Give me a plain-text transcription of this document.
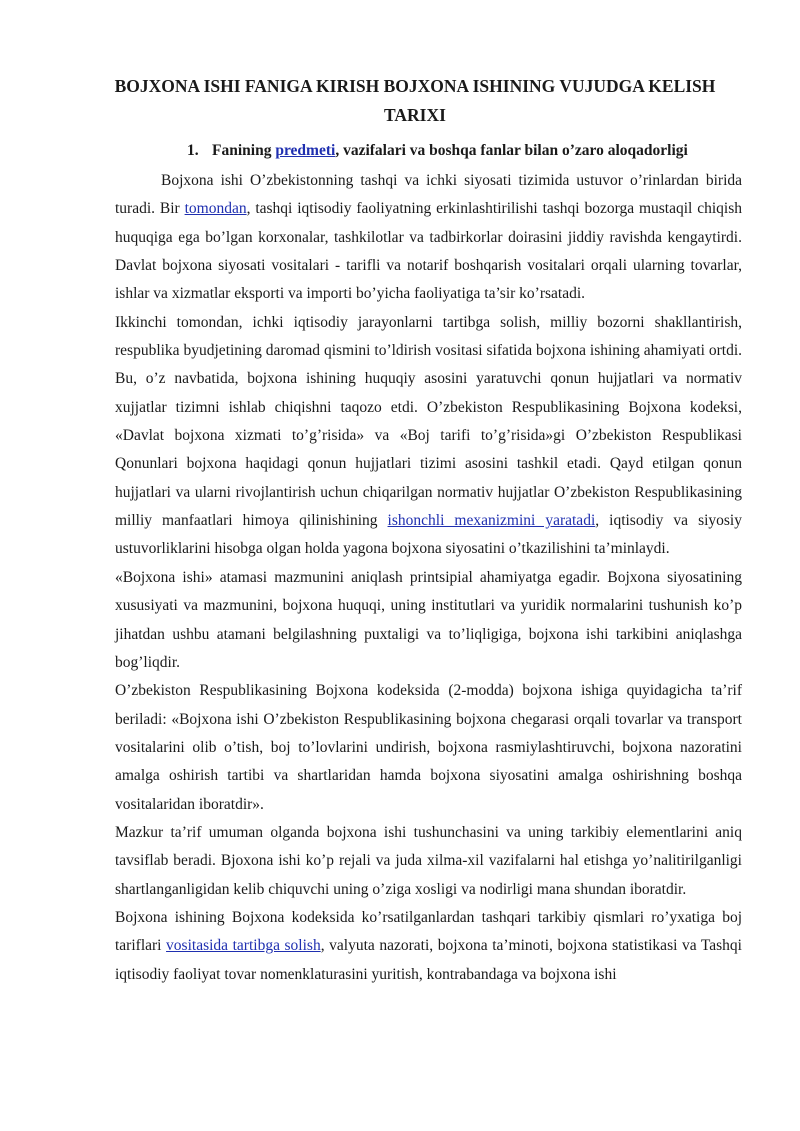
BOJXONA ISHI FANIGA KIRISH BOJXONA ISHINING VUJUDGA KELISH TARIXI
1. Fanining predmeti, vazifalari va boshqa fanlar bilan o’zaro aloqadorligi

Bojxona ishi O’zbekistonning tashqi va ichki siyosati tizimida ustuvor o’rinlardan birida turadi. Bir tomondan, tashqi iqtisodiy faoliyatning erkinlashtirilishi tashqi bozorga mustaqil chiqish huquqiga ega bo’lgan korxonalar, tashkilotlar va tadbirkorlar doirasini jiddiy ravishda kengaytirdi. Davlat bojxona siyosati vositalari - tarifli va notarif boshqarish vositalari orqali ularning tovarlar, ishlar va xizmatlar eksporti va importi bo’yicha faoliyatiga ta’sir ko’rsatadi.

Ikkinchi tomondan, ichki iqtisodiy jarayonlarni tartibga solish, milliy bozorni shakllantirish, respublika byudjetining daromad qismini to’ldirish vositasi sifatida bojxona ishining ahamiyati ortdi. Bu, o’z navbatida, bojxona ishining huquqiy asosini yaratuvchi qonun hujjatlari va normativ xujjatlar tizimni ishlab chiqishni taqozo etdi. O’zbekiston Respublikasining Bojxona kodeksi, «Davlat bojxona xizmati to’g’risida» va «Boj tarifi to’g’risida»gi O’zbekiston Respublikasi Qonunlari bojxona haqidagi qonun hujjatlari tizimi asosini tashkil etadi. Qayd etilgan qonun hujjatlari va ularni rivojlantirish uchun chiqarilgan normativ hujjatlar O’zbekiston Respublikasining milliy manfaatlari himoya qilinishining ishonchli mexanizmini yaratadi, iqtisodiy va siyosiy ustuvorliklarini hisobga olgan holda yagona bojxona siyosatini o’tkazilishini ta’minlaydi.

«Bojxona ishi» atamasi mazmunini aniqlash printsipial ahamiyatga egadir. Bojxona siyosatining xususiyati va mazmunini, bojxona huquqi, uning institutlari va yuridik normalarini tushunish ko’p jihatdan ushbu atamani belgilashning puxtaligi va to’liqligiga, bojxona ishi tarkibini aniqlashga bog’liqdir.

O’zbekiston Respublikasining Bojxona kodeksida (2-modda) bojxona ishiga quyidagicha ta’rif beriladi: «Bojxona ishi O’zbekiston Respublikasining bojxona chegarasi orqali tovarlar va transport vositalarini olib o’tish, boj to’lovlarini undirish, bojxona rasmiylashtiruvchi, bojxona nazoratini amalga oshirish tartibi va shartlaridan hamda bojxona siyosatini amalga oshirishning boshqa vositalaridan iboratdir».

Mazkur ta’rif umuman olganda bojxona ishi tushunchasini va uning tarkibiy elementlarini aniq tavsiflab beradi. Bjoxona ishi ko’p rejali va juda xilma-xil vazifalarni hal etishga yo’nalitirilganligi shartlanganligidan kelib chiquvchi uning o’ziga xosligi va nodirligi mana shundan iboratdir.

Bojxona ishining Bojxona kodeksida ko’rsatilganlardan tashqari tarkibiy qismlari ro’yxatiga boj tariflari vositasida tartibga solish, valyuta nazorati, bojxona ta’minoti, bojxona statistikasi va Tashqi iqtisodiy faoliyat tovar nomenklaturasini yuritish, kontrabandaga va bojxona ishi
